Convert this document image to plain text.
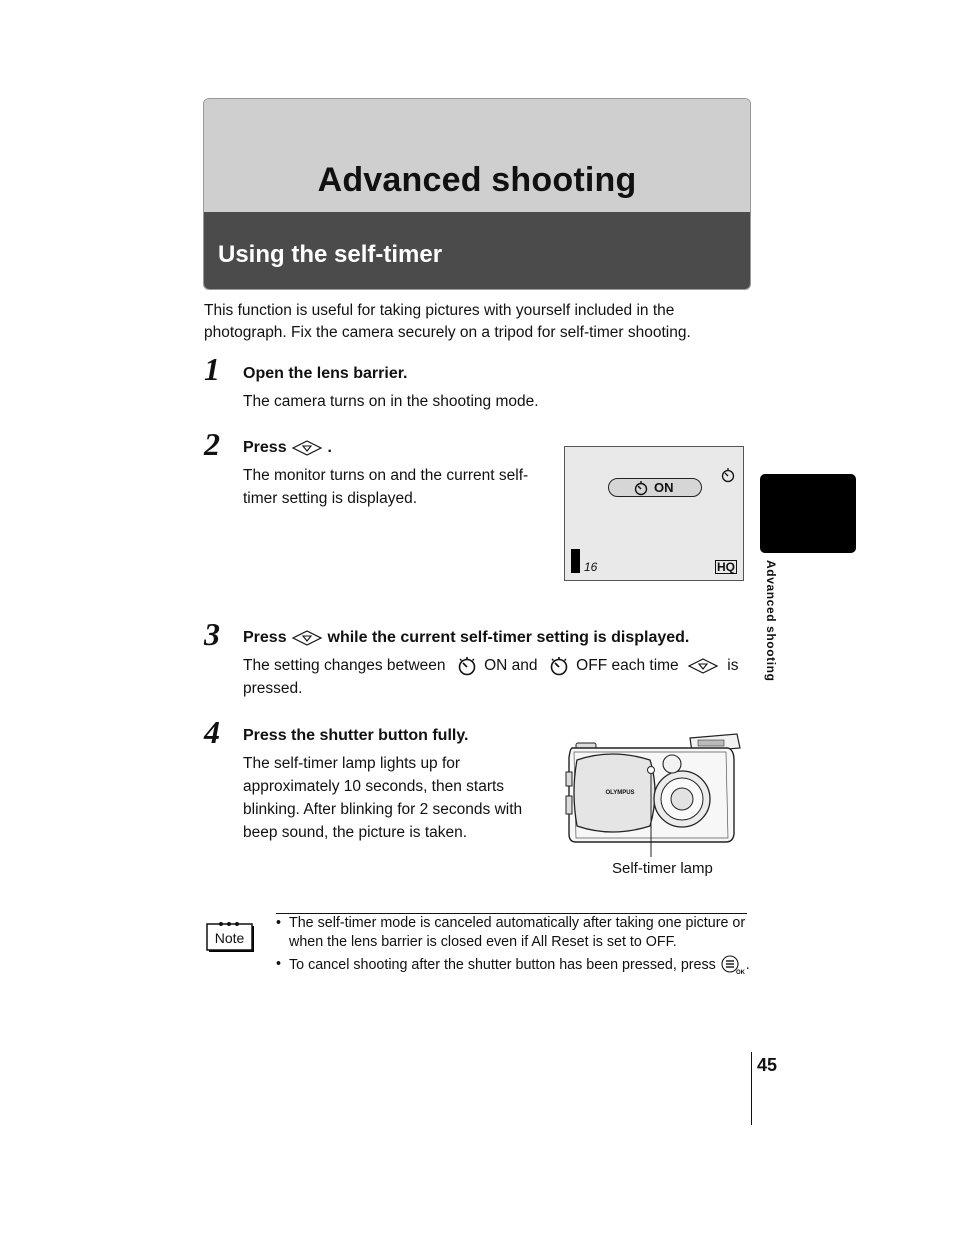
Advanced shooting
Using the self-timer

This function is useful for taking pictures with yourself included in the photograph. Fix the camera securely on a tripod for self-timer shooting.

1 Open the lens barrier.
The camera turns on in the shooting mode.
2 Press	.
The monitor turns on and the current self-timer setting is displayed.
ON
16	HQ Advanced shooting
3 Press	while the current self-timer setting is displayed.
The setting changes between ON and OFF each time	is pressed.
4 Press the shutter button fully.
The self-timer lamp lights up for approximately 10 seconds, then starts blinking. After blinking for 2 seconds with beep sound, the picture is taken.
OLYMPUS
Self-timer lamp
Note
• The self-timer mode is canceled automatically after taking one picture or when the lens barrier is closed even if All Reset is set to OFF.
• To cancel shooting after the shutter button has been pressed, press	OK .
45
